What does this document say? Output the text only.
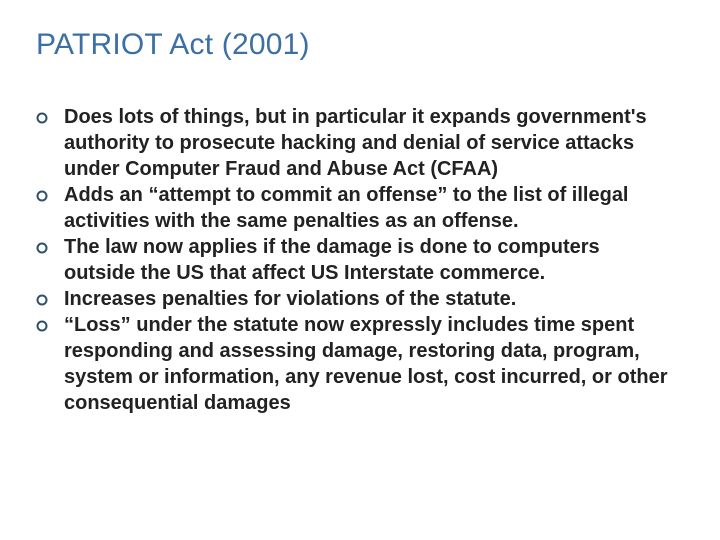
PATRIOT Act (2001)
Does lots of things, but in particular it expands government's authority to prosecute hacking and denial of service attacks under Computer Fraud and Abuse Act (CFAA)
Adds an “attempt to commit an offense” to the list of illegal activities with the same penalties as an offense.
The law now applies if the damage is done to computers outside the US that affect US Interstate commerce.
Increases penalties for violations of the statute.
“Loss” under the statute now expressly includes time spent responding and assessing damage, restoring data, program, system or information, any revenue lost, cost incurred, or other consequential damages
